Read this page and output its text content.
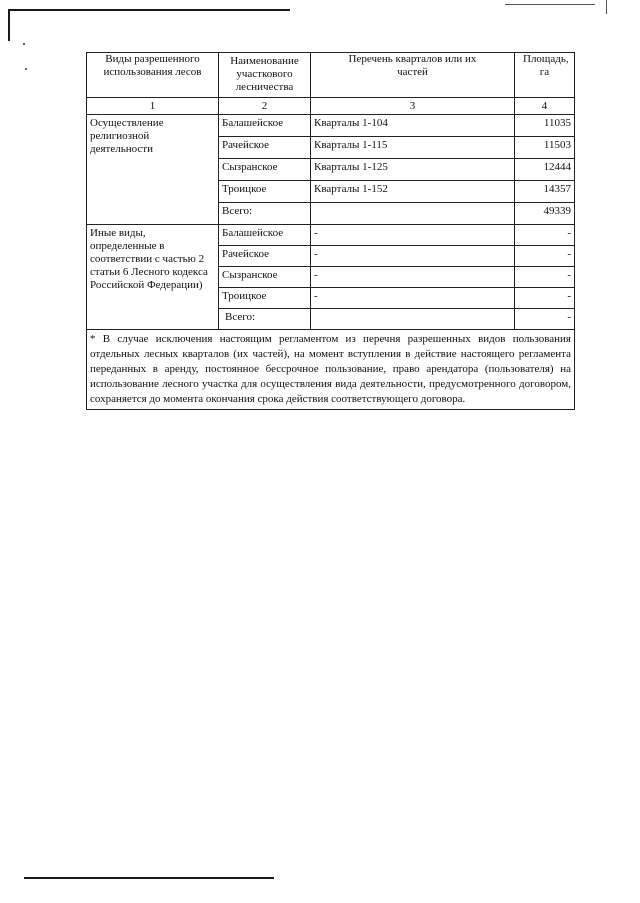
Виды разрешенного использования лесов	Наименование участкового лесничества	Перечень кварталов или их частей	Площадь, га
1	2	3	4
Осуществление религиозной деятельности	Балашейское	Кварталы 1-104	11035
	Рачейское	Кварталы 1-115	11503
	Сызранское	Кварталы 1-125	12444
	Троицкое	Кварталы 1-152	14357
	Всего:		49339
Иные виды, определенные в соответствии с частью 2 статьи 6 Лесного кодекса Российской Федерации)	Балашейское	-	-
	Рачейское	-	-
	Сызранское	-	-
	Троицкое	-	-
	Всего:		-
* В случае исключения настоящим регламентом из перечня разрешенных видов пользования отдельных лесных кварталов (их частей), на момент вступления в действие настоящего регламента переданных в аренду, постоянное бессрочное пользование, право арендатора (пользователя) на использование лесного участка для осуществления вида деятельности, предусмотренного договором, сохраняется до момента окончания срока действия соответствующего договора.			
